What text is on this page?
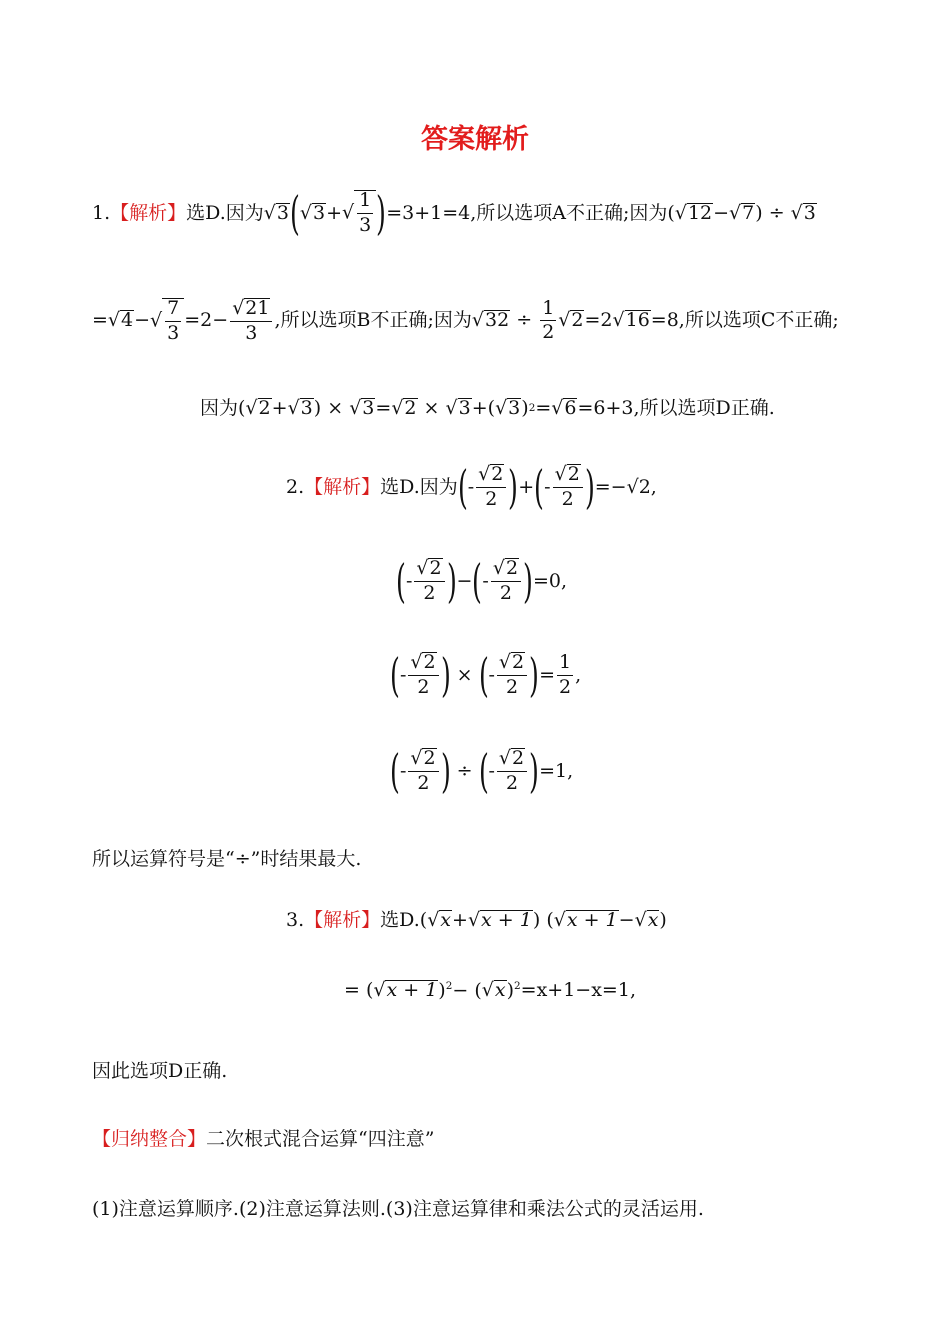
答案解析
1. 【解析】 选D.因为 √3 ( √3 + √ $\frac{1}{3}$ ) =3+1=4,所以选项A不正确;因为 ( √12 − √7 ) ÷ √3
= √4 − √ $\frac{7}{3} =2- \frac{√21}{3}$ ,所以选项B不正确;因为 $√32 \div \frac{1}{2} √2 =2$ √16 =8,所以选项C不正确;
因为 ( √2 + √3 ) × √3 = √2 × √3 +( √3 ) 2 = √6 =6+3,所以选项D正确.
2. 【解析】 选D.因为 ( - $\frac{√2}{2}$ ) + ( - $\frac{√2}{2}$ ) =− √ 2,
( - $\frac{√2}{2}$ ) − ( - $\frac{√2}{2}$ ) =0,
( - $\frac{√2}{2}$ ) × ( - $\frac{√2}{2}$ ) = $\frac{1}{2}$ ,
( - $\frac{√2}{2}$ ) ÷ ( - $\frac{√2}{2}$ ) =1,
所以运算符号是“÷”时结果最大.
3. 【解析】 选D. ( √x + √x + 1 ) ( √x + 1 − √x )
= ( √x + 1 )$^2$− ( √x )$^2$ =x+1−x=1,
因此选项D正确.
【归纳整合】二次根式混合运算“四注意”
(1)注意运算顺序.(2)注意运算法则.(3)注意运算律和乘法公式的灵活运用.
